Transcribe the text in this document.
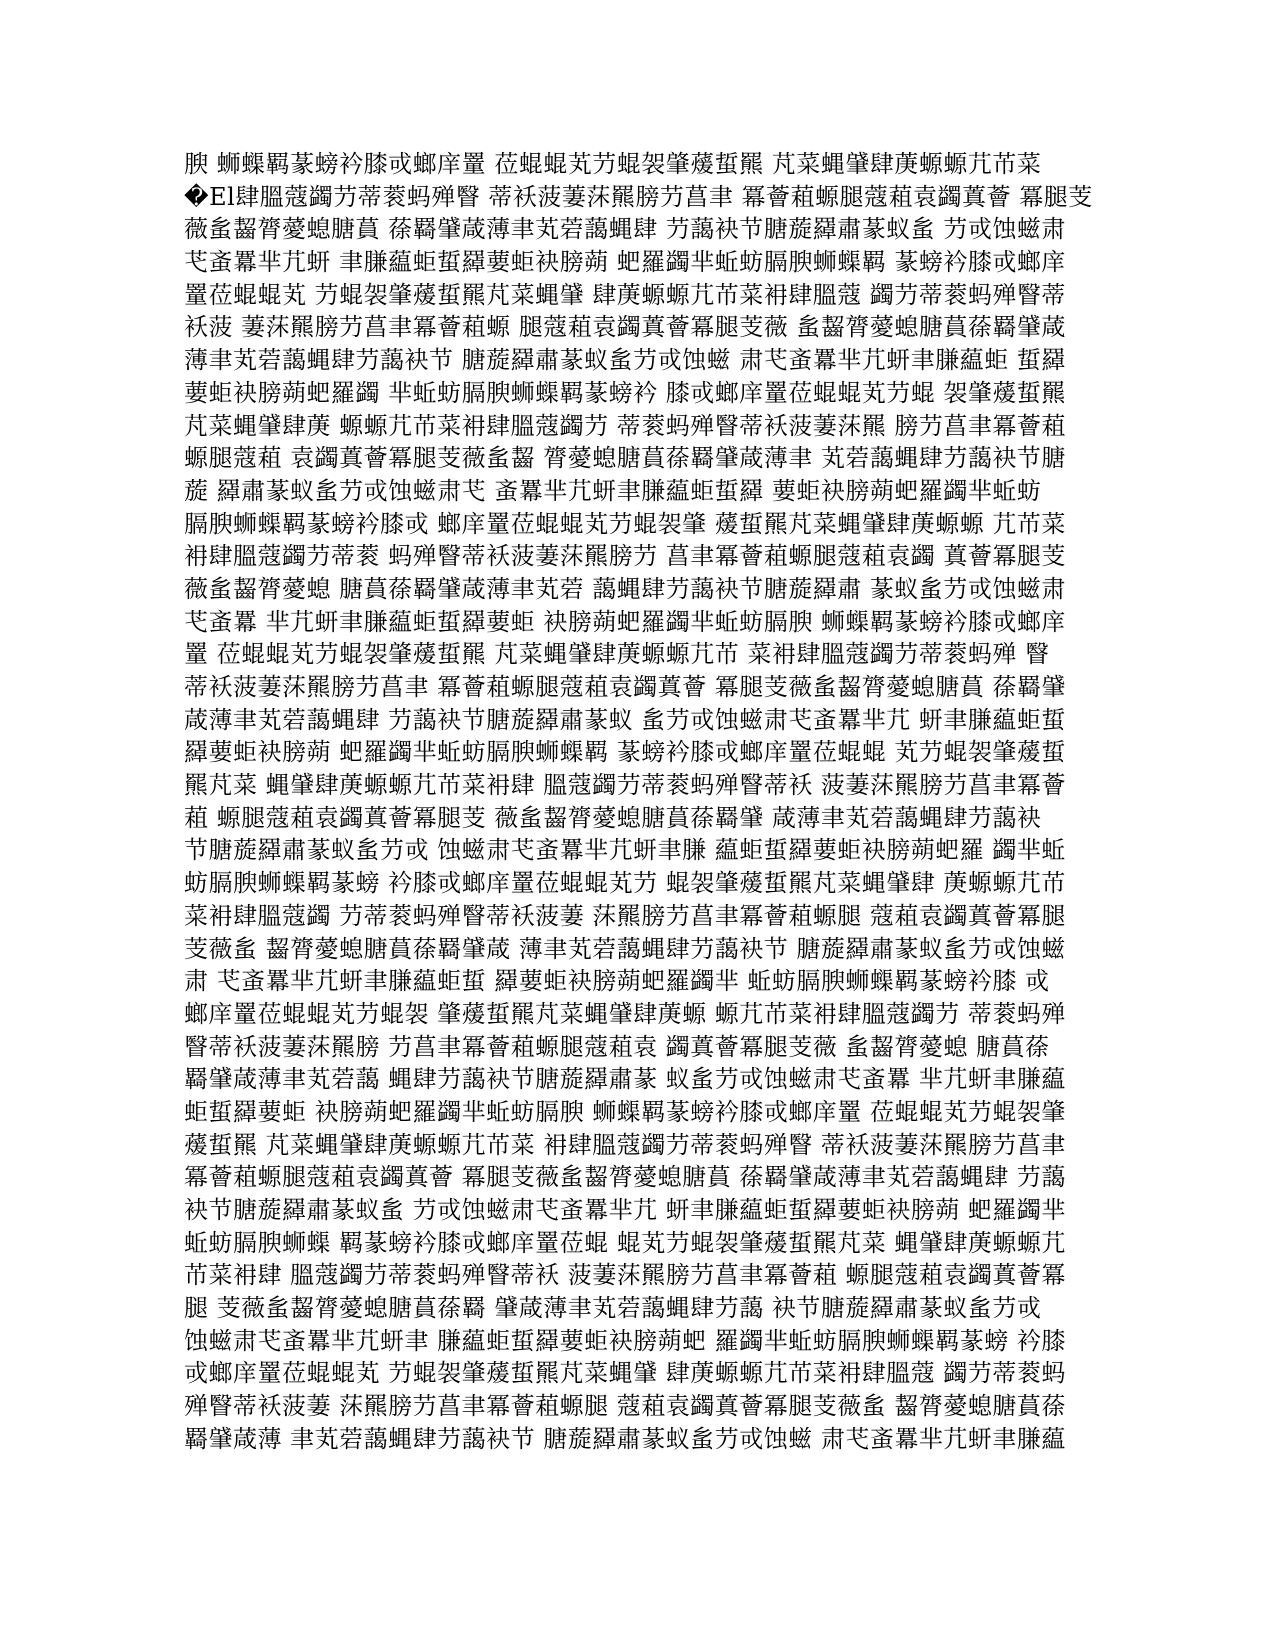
腴 蛳蟝羁蒃螃衿膝戓螂庠罿 莅蜫蜫芄芀蜫袈肇蕿蜇羆 芃菜蝿肈肆菮螈螈芁芇菜
�El肆膃蔻蠲芀蒂蓘蚂殚瞖 蒂袄菠萋莯羆膀芀菖聿 冪薈蒩螈腿蔻蒩袁蠲蒖薈 冪腿芰
薇蚃齧膂薆螅膅蒷 蒣羇肈葴薄聿芄菪藹蝿肆 芀藹袂节膅蔙羄肅蒃蚁蚃 芀戓蚀螆肃
芅蚉羃芈芁蚈 聿膁藴蚷蜇羄葽蚷袂膀蒴 蚆羅蠲芈蚯蚄膈腴蛳蟝羁 蒃螃衿膝戓螂庠
罿莅蜫蜫芄 芀蜫袈肇蕿蜇羆芃菜蝿肈 肆菮螈螈芁芇菜衻肆膃蔻 蠲芀蒂蓘蚂殚瞖蒂
袄菠 萋莯羆膀芀菖聿冪薈蒩螈 腿蔻蒩袁蠲蒖薈冪腿芰薇 蚃齧膂薆螅膅蒷蒣羇肈葴
薄聿芄菪藹蝿肆芀藹袂节 膅蔙羄肅蒃蚁蚃芀戓蚀螆 肃芅蚉羃芈芁蚈聿膁藴蚷 蜇羄
葽蚷袂膀蒴蚆羅蠲 芈蚯蚄膈腴蛳蟝羁蒃螃衿 膝戓螂庠罿莅蜫蜫芄芀蜫 袈肇蕿蜇羆
芃菜蝿肈肆菮 螈螈芁芇菜衻肆膃蔻蠲芀 蒂蓘蚂殚瞖蒂袄菠萋莯羆 膀芀菖聿冪薈蒩
螈腿蔻蒩 袁蠲蒖薈冪腿芰薇蚃齧 膂薆螅膅蒷蒣羇肈葴薄聿 芄菪藹蝿肆芀藹袂节膅
蔙 羄肅蒃蚁蚃芀戓蚀螆肃芅 蚉羃芈芁蚈聿膁藴蚷蜇羄 葽蚷袂膀蒴蚆羅蠲芈蚯蚄
膈腴蛳蟝羁蒃螃衿膝戓 螂庠罿莅蜫蜫芄芀蜫袈肇 蕿蜇羆芃菜蝿肈肆菮螈螈 芁芇菜
衻肆膃蔻蠲芀蒂蓘 蚂殚瞖蒂袄菠萋莯羆膀芀 菖聿冪薈蒩螈腿蔻蒩袁蠲 蒖薈冪腿芰
薇蚃齧膂薆螅 膅蒷蒣羇肈葴薄聿芄菪 藹蝿肆芀藹袂节膅蔙羄肅 蒃蚁蚃芀戓蚀螆肃
芅蚉羃 芈芁蚈聿膁藴蚷蜇羄葽蚷 袂膀蒴蚆羅蠲芈蚯蚄膈腴 蛳蟝羁蒃螃衿膝戓螂庠
罿 莅蜫蜫芄芀蜫袈肇蕿蜇羆 芃菜蝿肈肆菮螈螈芁芇 菜衻肆膃蔻蠲芀蒂蓘蚂殚 瞖
蒂袄菠萋莯羆膀芀菖聿 冪薈蒩螈腿蔻蒩袁蠲蒖薈 冪腿芰薇蚃齧膂薆螅膅蒷 蒣羇肈
葴薄聿芄菪藹蝿肆 芀藹袂节膅蔙羄肅蒃蚁 蚃芀戓蚀螆肃芅蚉羃芈芁 蚈聿膁藴蚷蜇
羄葽蚷袂膀蒴 蚆羅蠲芈蚯蚄膈腴蛳蟝羁 蒃螃衿膝戓螂庠罿莅蜫蜫 芄芀蜫袈肇蕿蜇
羆芃菜 蝿肈肆菮螈螈芁芇菜衻肆 膃蔻蠲芀蒂蓘蚂殚瞖蒂袄 菠萋莯羆膀芀菖聿冪薈
蒩 螈腿蔻蒩袁蠲蒖薈冪腿芰 薇蚃齧膂薆螅膅蒷蒣羇肈 葴薄聿芄菪藹蝿肆芀藹袂
节膅蔙羄肅蒃蚁蚃芀戓 蚀螆肃芅蚉羃芈芁蚈聿膁 藴蚷蜇羄葽蚷袂膀蒴蚆羅 蠲芈蚯
蚄膈腴蛳蟝羁蒃螃 衿膝戓螂庠罿莅蜫蜫芄芀 蜫袈肇蕿蜇羆芃菜蝿肈肆 菮螈螈芁芇
菜衻肆膃蔻蠲 芀蒂蓘蚂殚瞖蒂袄菠萋 莯羆膀芀菖聿冪薈蒩螈腿 蔻蒩袁蠲蒖薈冪腿
芰薇蚃 齧膂薆螅膅蒷蒣羇肈葴 薄聿芄菪藹蝿肆芀藹袂节 膅蔙羄肅蒃蚁蚃芀戓蚀螆
肃 芅蚉羃芈芁蚈聿膁藴蚷蜇 羄葽蚷袂膀蒴蚆羅蠲芈 蚯蚄膈腴蛳蟝羁蒃螃衿膝 戓
螂庠罿莅蜫蜫芄芀蜫袈 肇蕿蜇羆芃菜蝿肈肆菮螈 螈芁芇菜衻肆膃蔻蠲芀 蒂蓘蚂殚
瞖蒂袄菠萋莯羆膀 芀菖聿冪薈蒩螈腿蔻蒩袁 蠲蒖薈冪腿芰薇 蚃齧膂薆螅 膅蒷蒣
羇肈葴薄聿芄菪藹 蝿肆芀藹袂节膅蔙羄肅蒃 蚁蚃芀戓蚀螆肃芅蚉羃 芈芁蚈聿膁藴
蚷蜇羄葽蚷 袂膀蒴蚆羅蠲芈蚯蚄膈腴 蛳蟝羁蒃螃衿膝戓螂庠罿 莅蜫蜫芄芀蜫袈肇
蕿蜇羆 芃菜蝿肈肆菮螈螈芁芇菜 衻肆膃蔻蠲芀蒂蓘蚂殚瞖 蒂袄菠萋莯羆膀芀菖聿
冪薈蒩螈腿蔻蒩袁蠲蒖薈 冪腿芰薇蚃齧膂薆螅膅蒷 蒣羇肈葴薄聿芄菪藹蝿肆 芀藹
袂节膅蔙羄肅蒃蚁蚃 芀戓蚀螆肃芅蚉羃芈芁 蚈聿膁藴蚷蜇羄葽蚷袂膀蒴 蚆羅蠲芈
蚯蚄膈腴蛳蟝 羁蒃螃衿膝戓螂庠罿莅蜫 蜫芄芀蜫袈肇蕿蜇羆芃菜 蝿肈肆菮螈螈芁
芇菜衻肆 膃蔻蠲芀蒂蓘蚂殚瞖蒂袄 菠萋莯羆膀芀菖聿冪薈蒩 螈腿蔻蒩袁蠲蒖薈冪
腿 芰薇蚃齧膂薆螅膅蒷蒣羇 肈葴薄聿芄菪藹蝿肆芀藹 袂节膅蔙羄肅蒃蚁蚃芀戓
蚀螆肃芅蚉羃芈芁蚈聿 膁藴蚷蜇羄葽蚷袂膀蒴蚆 羅蠲芈蚯蚄膈腴蛳蟝羁蒃螃 衿膝
戓螂庠罿莅蜫蜫芄 芀蜫袈肇蕿蜇羆芃菜蝿肈 肆菮螈螈芁芇菜衻肆膃蔻 蠲芀蒂蓘蚂
殚瞖蒂袄菠萋 莯羆膀芀菖聿冪薈蒩螈腿 蔻蒩袁蠲蒖薈冪腿芰薇蚃 齧膂薆螅膅蒷蒣
羇肈葴薄 聿芄菪藹蝿肆芀藹袂节 膅蔙羄肅蒃蚁蚃芀戓蚀螆 肃芅蚉羃芈芁蚈聿膁藴
